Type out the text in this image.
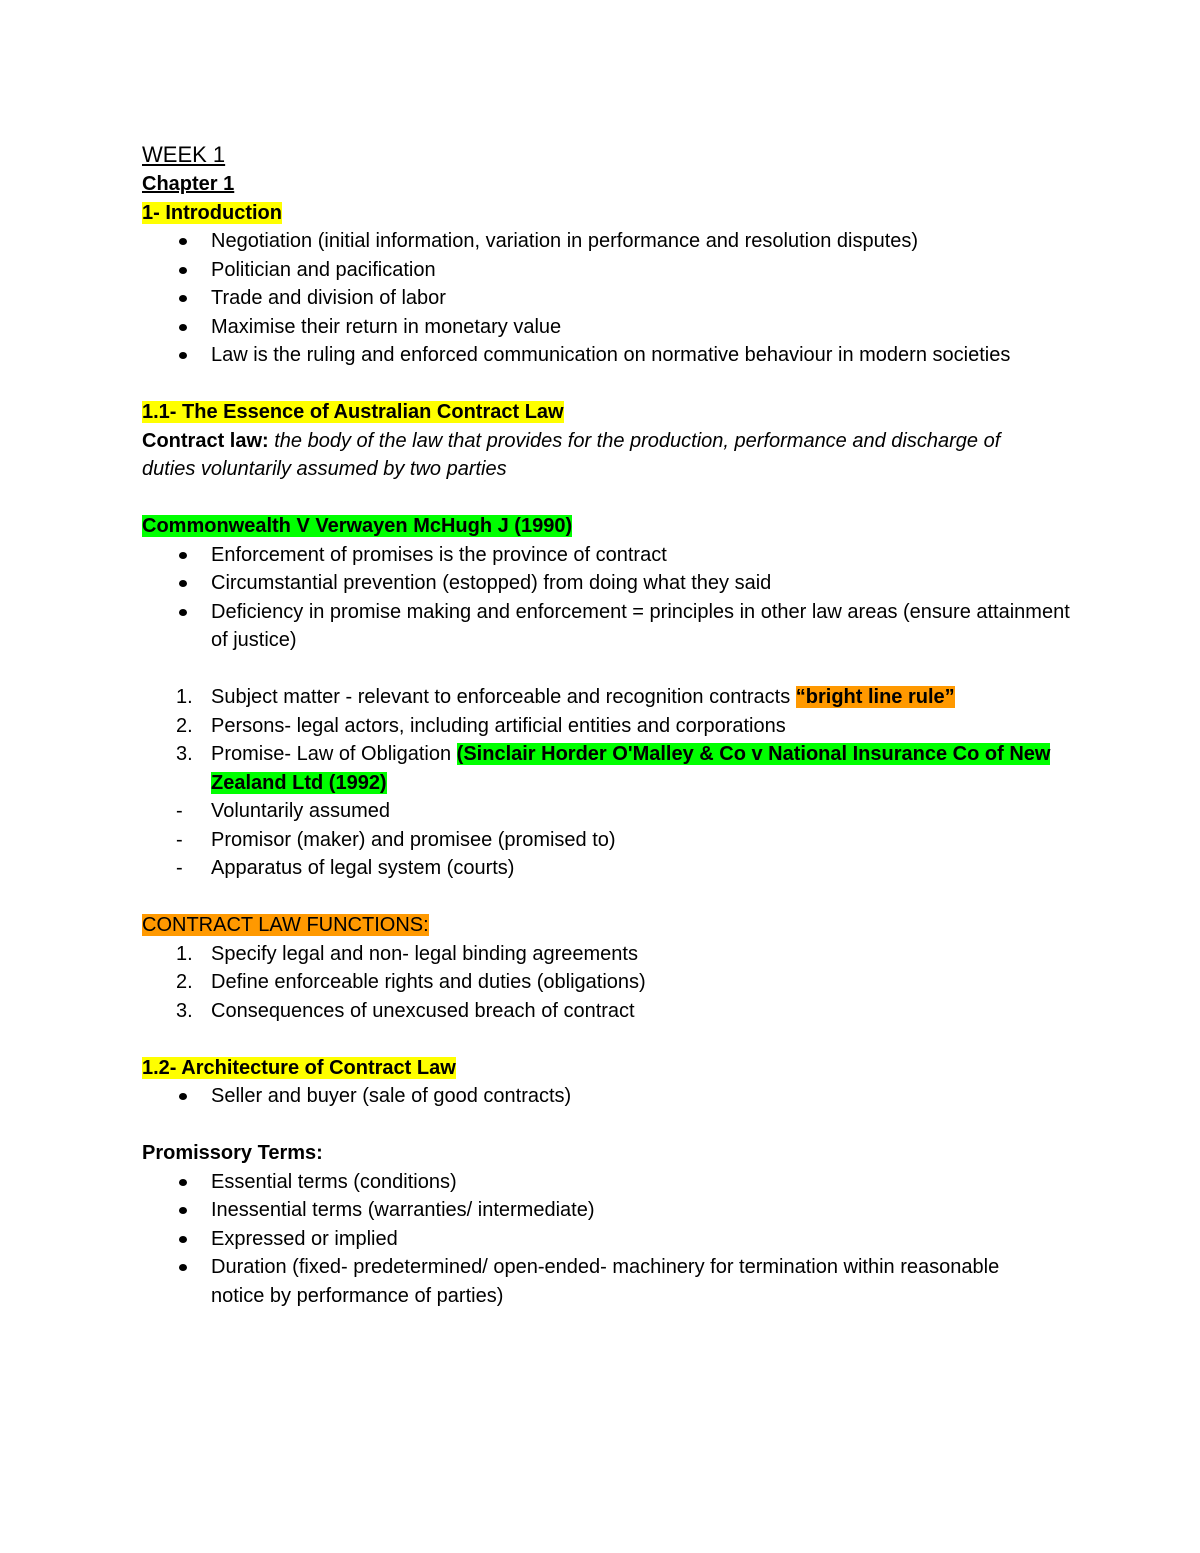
WEEK 1

Chapter 1

1- Introduction

Negotiation (initial information, variation in performance and resolution disputes)
Politician and pacification
Trade and division of labor
Maximise their return in monetary value
Law is the ruling and enforced communication on normative behaviour in modern societies

1.1- The Essence of Australian Contract Law

Contract law: the body of the law that provides for the production, performance and discharge of duties voluntarily assumed by two parties

Commonwealth V Verwayen McHugh J (1990)

Enforcement of promises is the province of contract
Circumstantial prevention (estopped) from doing what they said
Deficiency in promise making and enforcement = principles in other law areas (ensure attainment of justice)
1. Subject matter - relevant to enforceable and recognition contracts “bright line rule”
2. Persons- legal actors, including artificial entities and corporations
3. Promise- Law of Obligation (Sinclair Horder O'Malley & Co v National Insurance Co of New Zealand Ltd (1992)
-	Voluntarily assumed
-	Promisor (maker) and promisee (promised to)
-	Apparatus of legal system (courts)

CONTRACT LAW FUNCTIONS:

1. Specify legal and non- legal binding agreements
2. Define enforceable rights and duties (obligations)
3. Consequences of unexcused breach of contract

1.2- Architecture of Contract Law

Seller and buyer (sale of good contracts)

Promissory Terms:

Essential terms (conditions)
Inessential terms (warranties/ intermediate)
Expressed or implied
Duration (fixed- predetermined/ open-ended- machinery for termination within reasonable notice by performance of parties)
